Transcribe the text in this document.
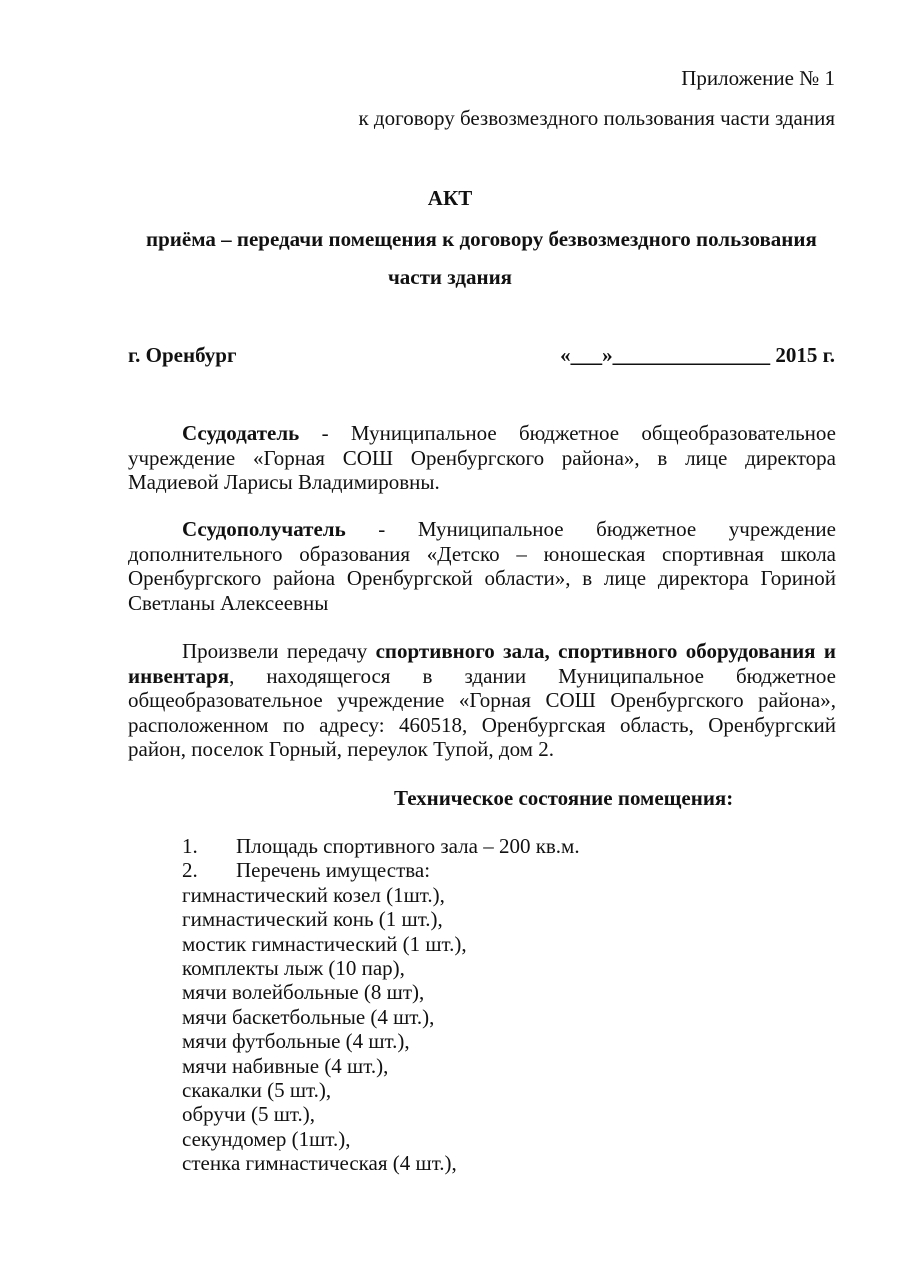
Приложение № 1
к договору безвозмездного пользования части здания
АКТ
приёма – передачи помещения к договору безвозмездного пользования
части здания
г. Оренбург	«___»_______________ 2015 г.

Ссудодатель - Муниципальное бюджетное общеобразовательное учреждение «Горная СОШ Оренбургского района», в лице директора Мадиевой Ларисы Владимировны.

Ссудополучатель - Муниципальное бюджетное учреждение дополнительного образования «Детско – юношеская спортивная школа Оренбургского района Оренбургской области», в лице директора Гориной Светланы Алексеевны

Произвели передачу спортивного зала, спортивного оборудования и инвентаря, находящегося в здании Муниципальное бюджетное общеобразовательное учреждение «Горная СОШ Оренбургского района», расположенном по адресу: 460518, Оренбургская область, Оренбургский район, поселок Горный, переулок Тупой, дом 2.

Техническое состояние помещения:
1. Площадь спортивного зала – 200 кв.м.
2. Перечень имущества:
гимнастический козел (1шт.),
гимнастический конь (1 шт.),
мостик гимнастический (1 шт.),
комплекты лыж (10 пар),
мячи волейбольные (8 шт),
мячи баскетбольные (4 шт.),
мячи футбольные (4 шт.),
мячи набивные (4 шт.),
скакалки (5 шт.),
обручи (5 шт.),
секундомер (1шт.),
стенка гимнастическая (4 шт.),
